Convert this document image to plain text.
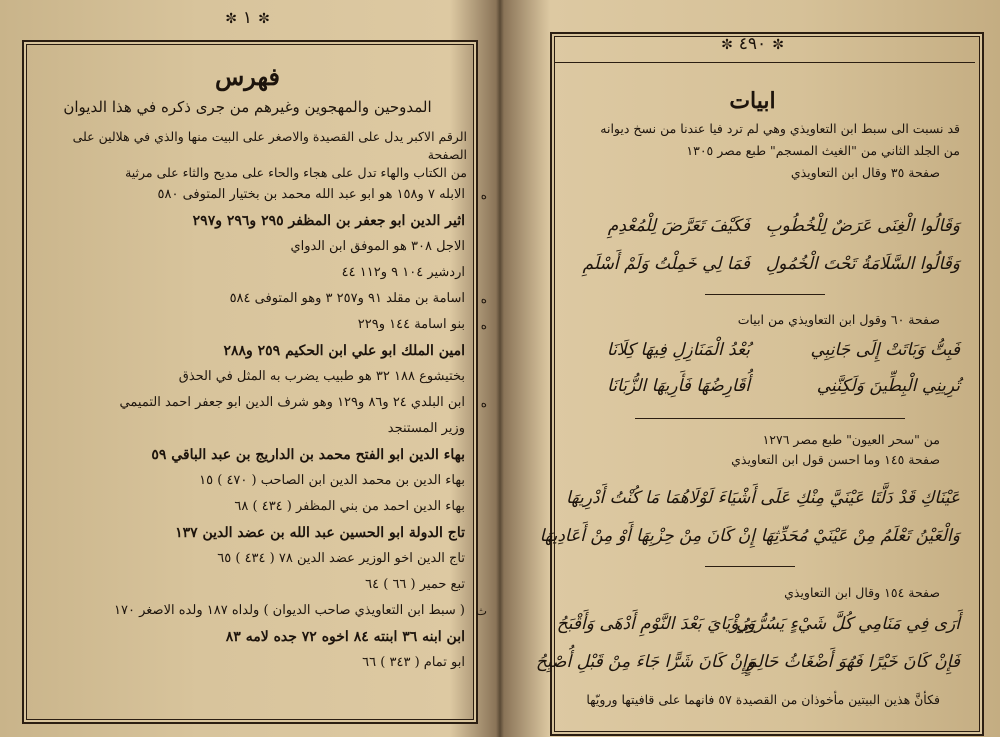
✼١✼
فهرس
المدوحين والمهجوين وغيرهم من جرى ذكره في هذا الديوان
الرقم الاكبر يدل على القصيدة والاصغر على البيت منها والذي في هلالين على الصفحة
من الكتاب والهاء تدل على هجاء والحاء على مديح والثاء على مرثية
الابله ٧ و١٥٨ هو ابو عبد الله محمد بن بختيار المتوفى ٥٨٠ ه
اثير الدين ابو جعفر بن المظفر ٢٩٥ و٢٩٦ و٢٩٧
الاجل ٣٠٨ هو الموفق ابن الدواي
اردشير ١٠٤ ٩ و١١٢ ٤٤
اسامة بن مقلد ٩١ و٢٥٧ ٣ وهو المتوفى ٥٨٤ ه
بنو اسامة ١٤٤ و٢٢٩ ه
امين الملك ابو علي ابن الحكيم ٢٥٩ و٢٨٨
بختيشوع ١٨٨ ٣٢ هو طبيب يضرب به المثل في الحذق
ابن البلدي ٢٤ و٨٦ و١٢٩ وهو شرف الدين ابو جعفر احمد التميمي ه
وزير المستنجد
بهاء الدين ابو الفتح محمد بن الداريج بن عبد الباقي ٥٩
بهاء الدين بن محمد الدين ابن الصاحب ( ٤٧٠ ) ١٥
بهاء الدين احمد من بني المظفر ( ٤٣٤ ) ٦٨
تاج الدولة ابو الحسين عبد الله بن عضد الدين ١٣٧
تاج الدين اخو الوزير عضد الدين ٧٨ ( ٤٣٤ ) ٦٥
تبع حمير ( ٦٦ ) ٦٤
( سبط ابن التعاويذي صاحب الديوان ) ولداه ١٨٧ ولده الاصغر ١٧٠ ث
ابن ابنه ٣٦ ابنته ٨٤ اخوه ٧٢ جده لامه ٨٣
ابو تمام ( ٣٤٣ ) ٦٦
✼٤٩٠✼
ابيات
قد نسبت الى سبط ابن التعاويذي وهي لم ترد فيا عندنا من نسخ ديوانه
من الجلد الثاني من "الغيث المسجم" طبع مصر ١٣٠٥
صفحة ٣٥ وقال ابن التعاويذي
وَقَالُوا الْغِنَى عَرَضٌ لِلْخُطُوبِ
فَكَيْفَ تَعَرَّضَ لِلْمُعْدِمِ
وَقَالُوا السَّلَامَةُ تَحْتَ الْخُمُولِ
فَمَا لِي خَمِلْتُ وَلَمْ أَسْلَمِ
صفحة ٦٠ وقول ابن التعاويذي من ابيات
فَبِتُّ وَبَاتَتْ إِلَى جَانِبِي
بُعْدُ الْمَنَازِلِ فِيهَا كِلَانَا
تُرِينِي الْبِطِّينَ وَلَكِنَّنِي
أُقَارِضُهَا فَأَرِيهَا الزُّبَانَا
من "سحر العيون" طبع مصر ١٢٧٦
صفحة ١٤٥ وما احسن قول ابن التعاويذي
عَيْنَاكِ قَدْ دَلَّتَا عَيْنَيَّ مِنْكِ عَلَى
أَشْيَاءَ لَوْلَاهُمَا مَا كُنْتُ أَدْرِيهَا
وَالْعَيْنُ تَعْلَمُ مِنْ عَيْنَيْ مُحَدِّثِهَا
إِنْ كَانَ مِنْ حِزْبِهَا أَوْ مِنْ أَعَادِيهَا
صفحة ١٥٤ وقال ابن التعاويذي
أَرَى فِي مَنَامِي كُلَّ شَيْءٍ يَسُرُّنِي
وَرُؤْيَايَ بَعْدَ النَّوْمِ أَدْهَى وَأَقْبَحُ
فَإِنْ كَانَ خَيْرًا فَهُوَ أَضْغَاثُ حَالِمٍ
وَإِنْ كَانَ شَرًّا جَاءَ مِنْ قَبْلِ أُصْبِحُ
فكأنَّ هذين البيتين مأخوذان من القصيدة ٥٧ فانهما على قافيتها ورويّها
